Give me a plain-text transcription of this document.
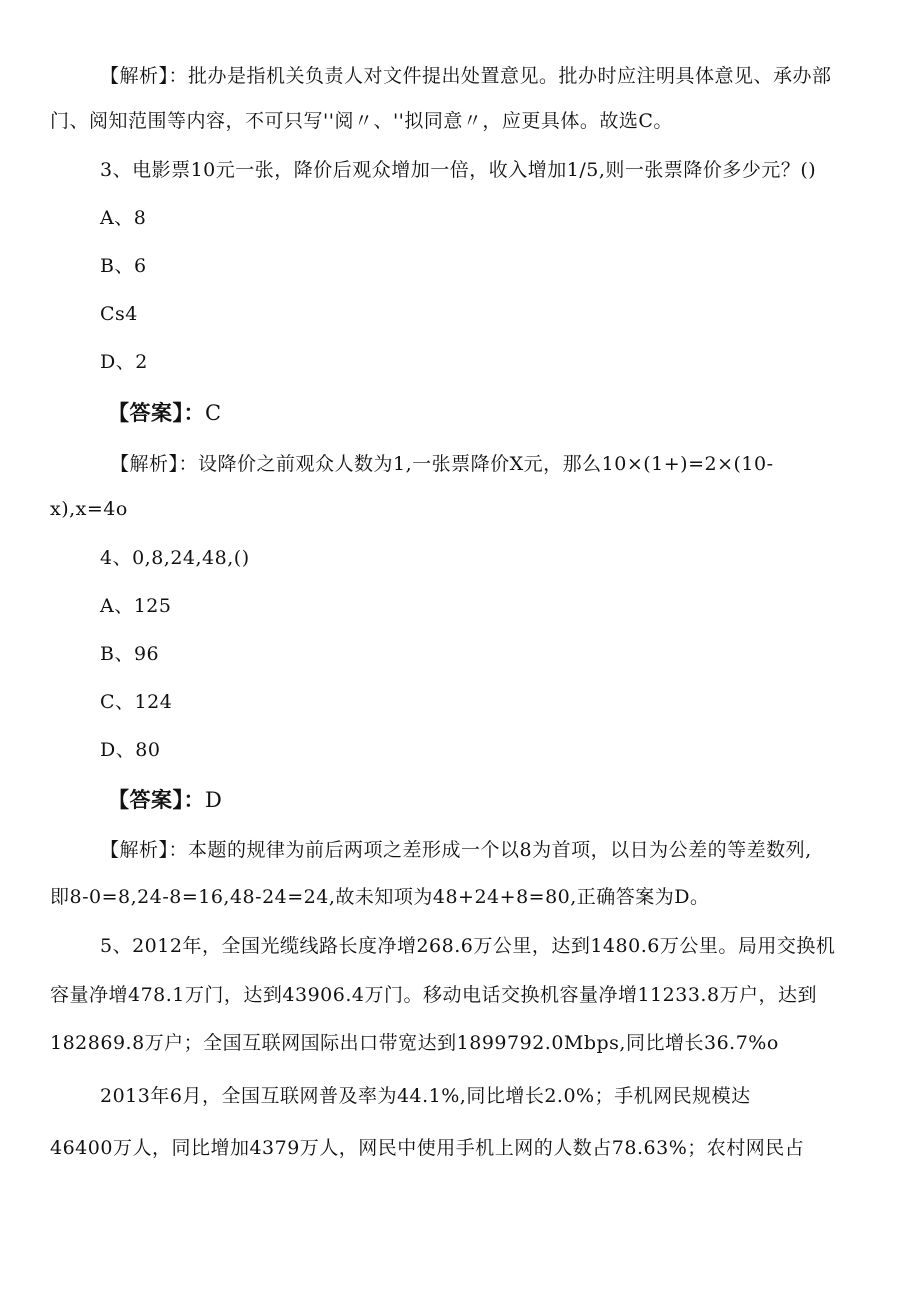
【解析】：批办是指机关负责人对文件提出处置意见。批办时应注明具体意见、承办部
门、阅知范围等内容，不可只写''阅〃、''拟同意〃，应更具体。故选C。
3、电影票10元一张，降价后观众增加一倍，收入增加1/5,则一张票降价多少元？()
A、8
B、6
Cs4
D、2
【答案】：C
【解析】：设降价之前观众人数为1,一张票降价X元，那么10×(1+)=2×(10-
x),x=4o
4、0,8,24,48,()
A、125
B、96
C、124
D、80
【答案】：D
【解析】：本题的规律为前后两项之差形成一个以8为首项，以日为公差的等差数列,
即8-0=8,24-8=16,48-24=24,故未知项为48+24+8=80,正确答案为D。
5、2012年，全国光缆线路长度净增268.6万公里，达到1480.6万公里。局用交换机
容量净增478.1万门，达到43906.4万门。移动电话交换机容量净增11233.8万户，达到
182869.8万户；全国互联网国际出口带宽达到1899792.0Mbps,同比增长36.7%o
2013年6月，全国互联网普及率为44.1%,同比增长2.0%；手机网民规模达
46400万人，同比增加4379万人，网民中使用手机上网的人数占78.63%；农村网民占
